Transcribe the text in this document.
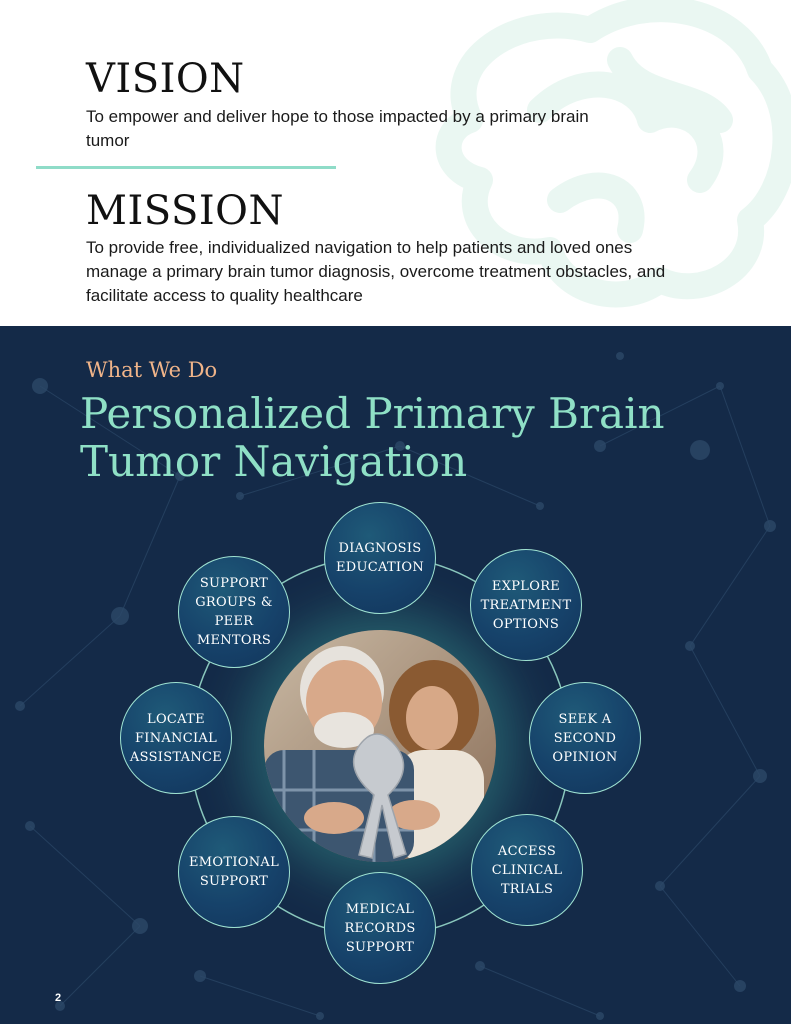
VISION

To empower and deliver hope to those impacted by a primary brain tumor

MISSION

To provide free, individualized navigation to help patients and loved ones manage a primary brain tumor diagnosis, overcome treatment obstacles, and facilitate access to quality healthcare

What We Do
Personalized Primary Brain Tumor Navigation
DIAGNOSIS
EDUCATION
EXPLORE
TREATMENT
OPTIONS
SEEK A
SECOND
OPINION
ACCESS
CLINICAL
TRIALS
MEDICAL
RECORDS
SUPPORT
EMOTIONAL
SUPPORT
LOCATE
FINANCIAL
ASSISTANCE
SUPPORT
GROUPS &
PEER
MENTORS
2
